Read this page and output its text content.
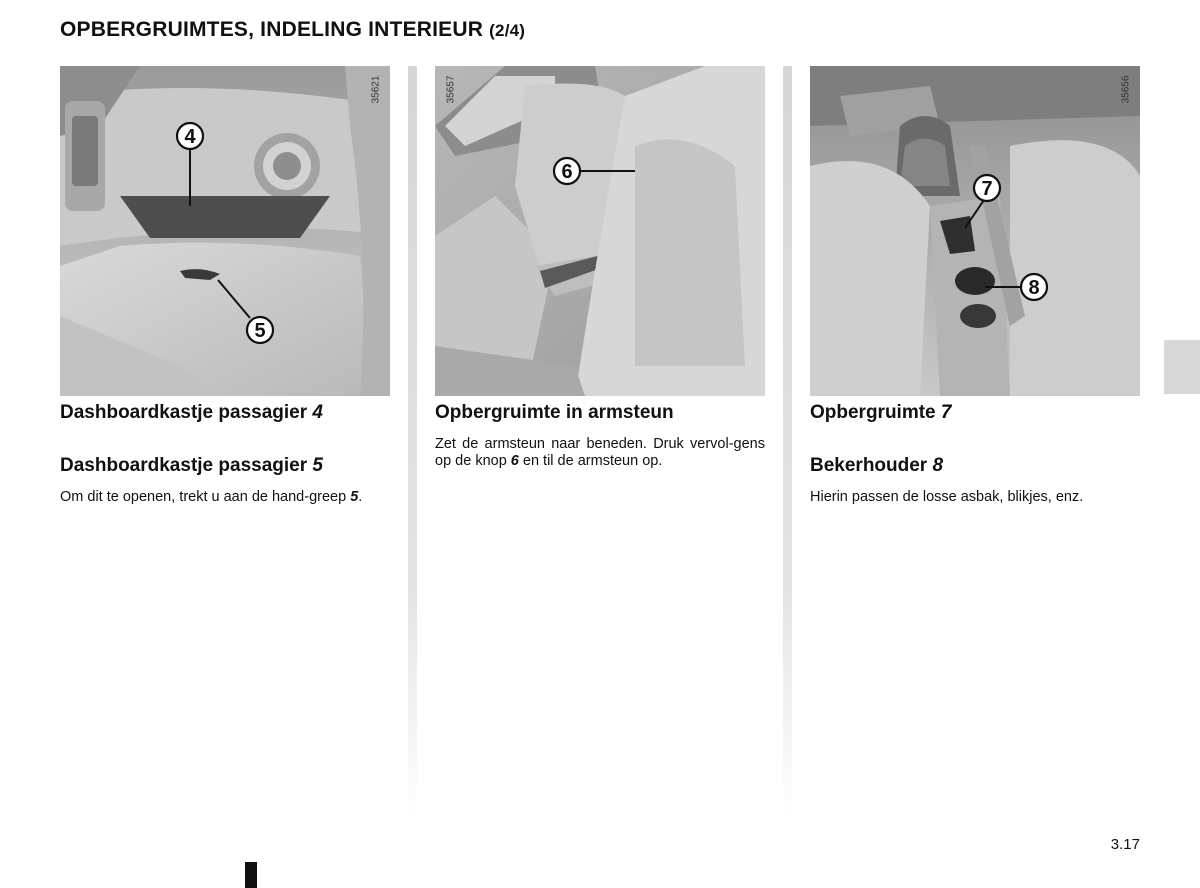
OPBERGRUIMTES, INDELING INTERIEUR (2/4)
4
5
35621
6
35657
7
8
35656
Dashboardkastje passagier 4
Dashboardkastje passagier 5

Om dit te openen, trekt u aan de hand-greep 5.

Opbergruimte in armsteun

Zet de armsteun naar beneden. Druk vervol-gens op de knop 6 en til de armsteun op.

Opbergruimte 7
Bekerhouder 8

Hierin passen de losse asbak, blikjes, enz.

3.17
